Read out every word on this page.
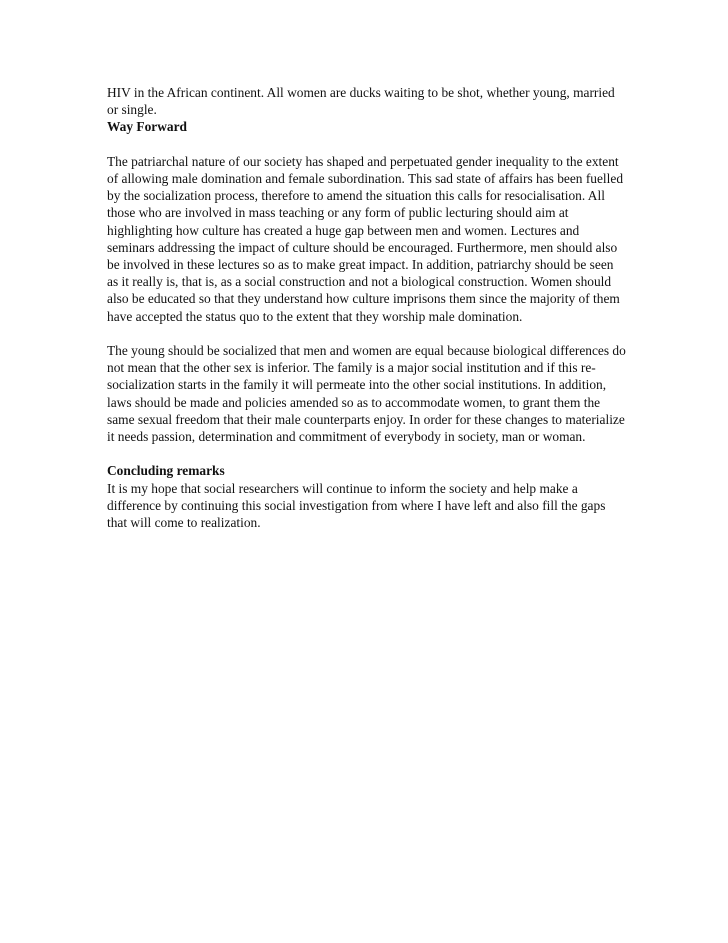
HIV in the African continent. All women are ducks waiting to be shot, whether young, married or single.

Way Forward

The patriarchal nature of our society has shaped and perpetuated gender inequality to the extent of allowing male domination and female subordination. This sad state of affairs has been fuelled by the socialization process, therefore to amend the situation this calls for resocialisation. All those who are involved in mass teaching or any form of public lecturing should aim at highlighting how culture has created a huge gap between men and women. Lectures and seminars addressing the impact of culture should be encouraged. Furthermore, men should also be involved in these lectures so as to make great impact. In addition, patriarchy should be seen as it really is, that is, as a social construction and not a biological construction. Women should also be educated so that they understand how culture imprisons them since the majority of them have accepted the status quo to the extent that they worship male domination.

The young should be socialized that men and women are equal because biological differences do not mean that the other sex is inferior. The family is a major social institution and if this re-socialization starts in the family it will permeate into the other social institutions. In addition, laws should be made and policies amended so as to accommodate women, to grant them the same sexual freedom that their male counterparts enjoy. In order for these changes to materialize it needs passion, determination and commitment of everybody in society, man or woman.

Concluding remarks

It is my hope that social researchers will continue to inform the society and help make a difference by continuing this social investigation from where I have left and also fill the gaps that will come to realization.
